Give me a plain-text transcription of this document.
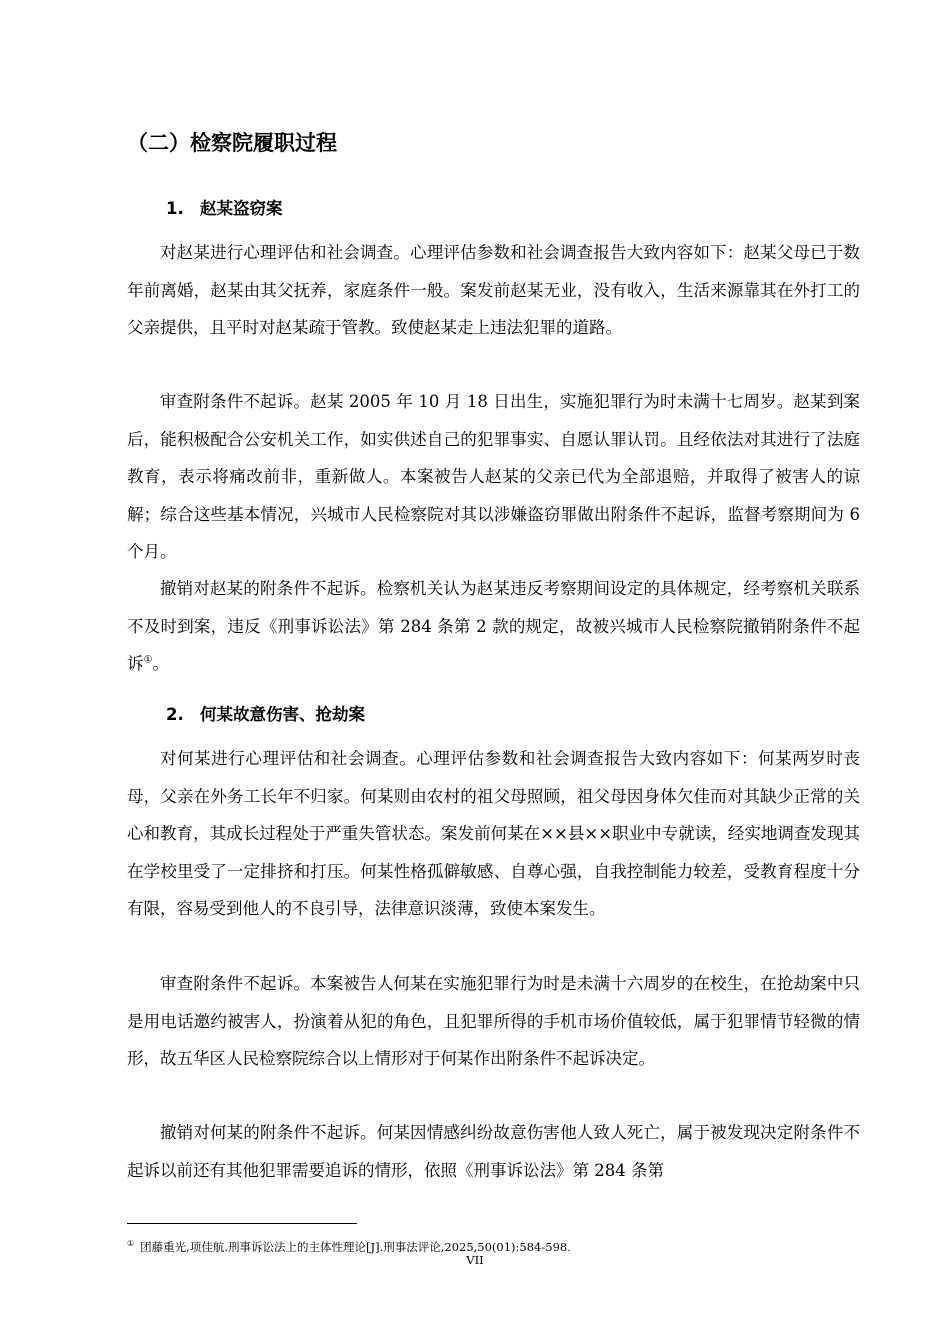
（二）检察院履职过程
1. 赵某盗窃案

对赵某进行心理评估和社会调查。心理评估参数和社会调查报告大致内容如下：赵某父母已于数年前离婚，赵某由其父抚养，家庭条件一般。案发前赵某无业，没有收入，生活来源靠其在外打工的父亲提供，且平时对赵某疏于管教。致使赵某走上违法犯罪的道路。

审查附条件不起诉。赵某 2005 年 10 月 18 日出生，实施犯罪行为时未满十七周岁。赵某到案后，能积极配合公安机关工作，如实供述自己的犯罪事实、自愿认罪认罚。且经依法对其进行了法庭教育，表示将痛改前非，重新做人。本案被告人赵某的父亲已代为全部退赔，并取得了被害人的谅解；综合这些基本情况，兴城市人民检察院对其以涉嫌盗窃罪做出附条件不起诉，监督考察期间为 6 个月。

撤销对赵某的附条件不起诉。检察机关认为赵某违反考察期间设定的具体规定，经考察机关联系不及时到案，违反《刑事诉讼法》第 284 条第 2 款的规定，故被兴城市人民检察院撤销附条件不起诉①。

2. 何某故意伤害、抢劫案

对何某进行心理评估和社会调查。心理评估参数和社会调查报告大致内容如下：何某两岁时丧母，父亲在外务工长年不归家。何某则由农村的祖父母照顾，祖父母因身体欠佳而对其缺少正常的关心和教育，其成长过程处于严重失管状态。案发前何某在××县××职业中专就读，经实地调查发现其在学校里受了一定排挤和打压。何某性格孤僻敏感、自尊心强，自我控制能力较差，受教育程度十分有限，容易受到他人的不良引导，法律意识淡薄，致使本案发生。

审查附条件不起诉。本案被告人何某在实施犯罪行为时是未满十六周岁的在校生，在抢劫案中只是用电话邀约被害人，扮演着从犯的角色，且犯罪所得的手机市场价值较低，属于犯罪情节轻微的情形，故五华区人民检察院综合以上情形对于何某作出附条件不起诉决定。

撤销对何某的附条件不起诉。何某因情感纠纷故意伤害他人致人死亡，属于被发现决定附条件不起诉以前还有其他犯罪需要追诉的情形，依照《刑事诉讼法》第 284 条第

① 团藤重光,项佳航.刑事诉讼法上的主体性理论[J].刑事法评论,2025,50(01):584-598.

VII
